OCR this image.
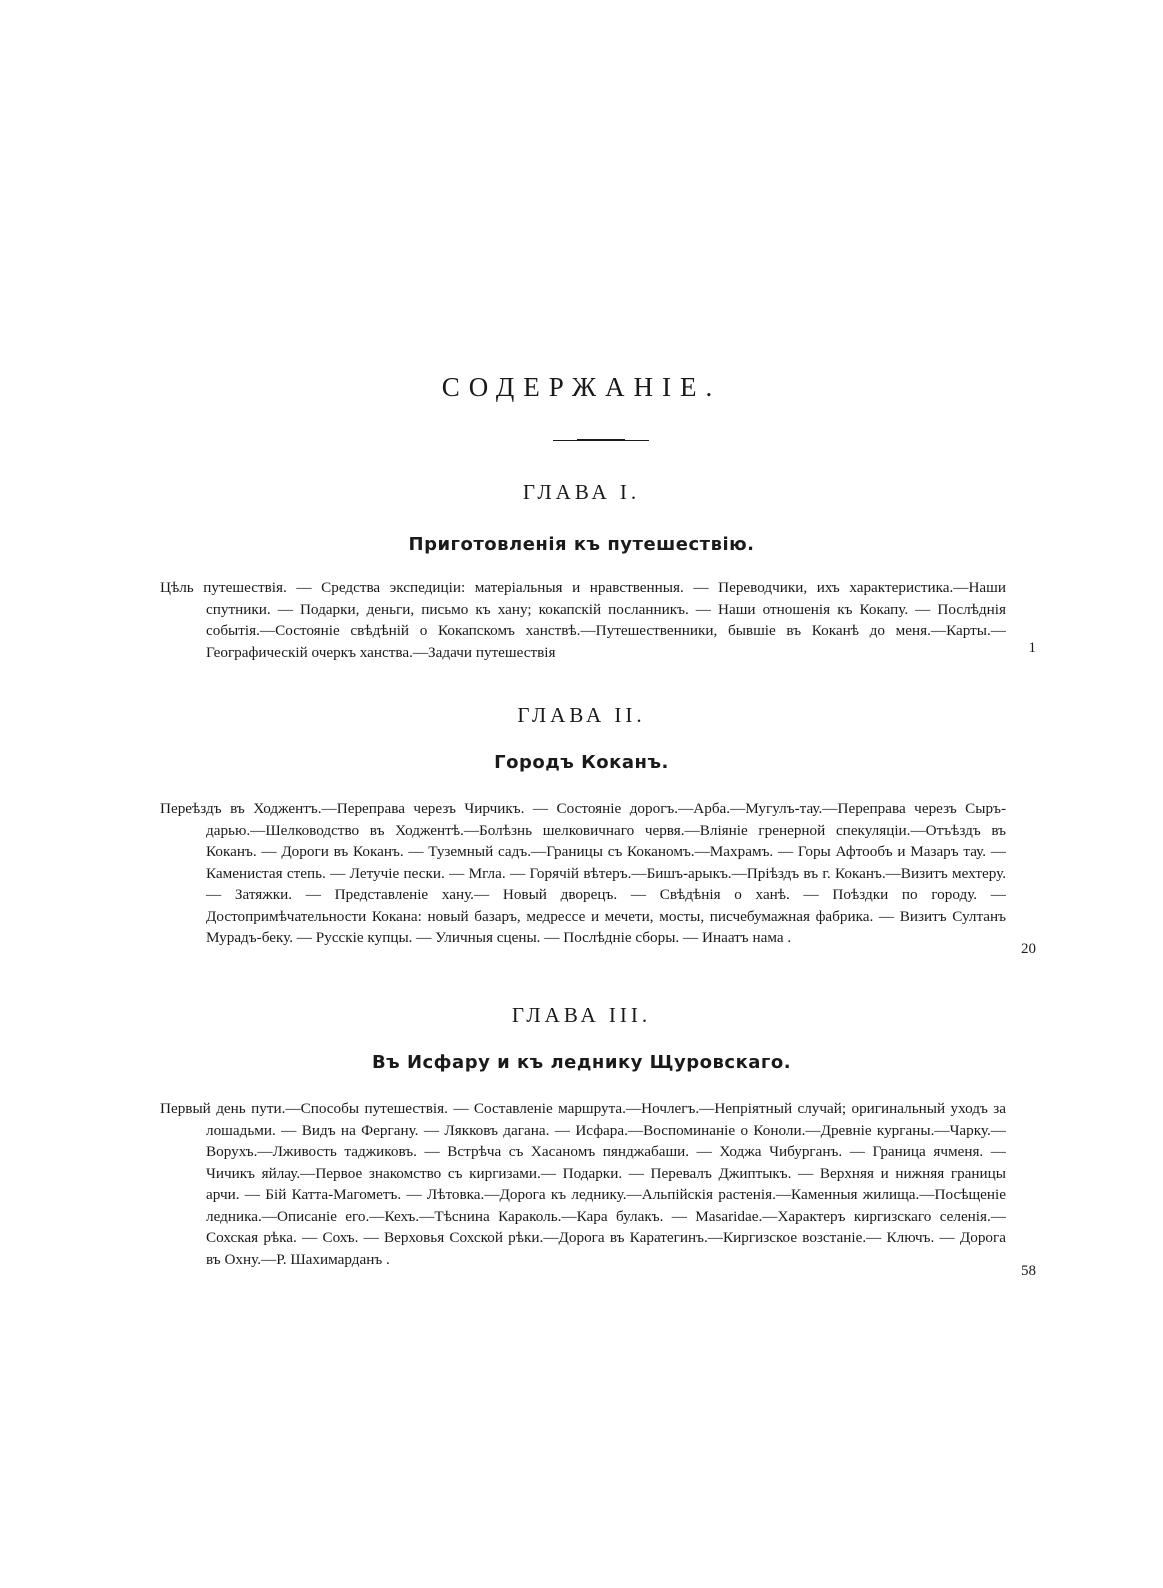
СОДЕРЖАНІЕ.
ГЛАВА I.
Приготовленія къ путешествію.
Цѣль путешествія. — Средства экспедиціи: матеріальныя и нравственныя. — Переводчики, ихъ характеристика.—Наши спутники. — Подарки, деньги, письмо къ хану; кокапскій посланникъ. — Наши отношенія къ Кокапу. — Послѣднія событія.—Состояніе свѣдѣній о Кокапскомъ ханствѣ.—Путешественники, бывшіе въ Коканѣ до меня.—Карты.—Географическій очеркъ ханства.—Задачи путешествія	1
ГЛАВА II.
Городъ Коканъ.
Переѣздъ въ Ходжентъ.—Переправа черезъ Чирчикъ. — Состояніе дорогъ.—Арба.—Мугулъ-тау.—Переправа черезъ Сыръ-дарью.—Шелководство въ Ходжентѣ.—Болѣзнь шелковичнаго червя.—Вліяніе гренерной спекуляціи.—Отъѣздъ въ Коканъ. — Дороги въ Коканъ. — Туземный садъ.—Границы съ Коканомъ.—Махрамъ. — Горы Афтообъ и Мазаръ тау. — Каменистая степь. — Летучіе пески. — Мгла. — Горячій вѣтеръ.—Бишъ-арыкъ.—Пріѣздъ въ г. Коканъ.—Визитъ мехтеру. — Затяжки. — Представленіе хану.— Новый дворецъ. — Свѣдѣнія о ханѣ. — Поѣздки по городу. — Достопримѣчательности Кокана: новый базаръ, медрессе и мечети, мосты, писчебумажная фабрика. — Визитъ Султанъ Мурадъ-беку. — Русскіе купцы. — Уличныя сцены. — Послѣдніе сборы. — Инаатъ нама .
20
ГЛАВА III.
Въ Исфару и къ леднику Щуровскаго.
Первый день пути.—Способы путешествія. — Составленіе маршрута.—Ночлегъ.—Непріятный случай; оригинальный уходъ за лошадьми. — Видъ на Фергану. — Лякковъ дагана. — Исфара.—Воспоминаніе о Коноли.—Древніе курганы.—Чарку.—Ворухъ.—Лживость таджиковъ. — Встрѣча съ Хасаномъ пянджабаши. — Ходжа Чибурганъ. — Граница ячменя. — Чичикъ яйлау.—Первое знакомство съ киргизами.— Подарки. — Перевалъ Джиптыкъ. — Верхняя и нижняя границы арчи. — Бій Катта-Магометъ. — Лѣтовка.—Дорога къ леднику.—Альпійскія растенія.—Каменныя жилища.—Посѣщеніе ледника.—Описаніе его.—Кехъ.—Тѣснина Караколь.—Кара булакъ. — Masaridae.—Характеръ киргизскаго селенія.— Сохская рѣка. — Сохъ. — Верховья Сохской рѣки.—Дорога въ Каратегинъ.—Киргизское возстаніе.— Ключъ. — Дорога въ Охну.—Р. Шахимарданъ .
58
